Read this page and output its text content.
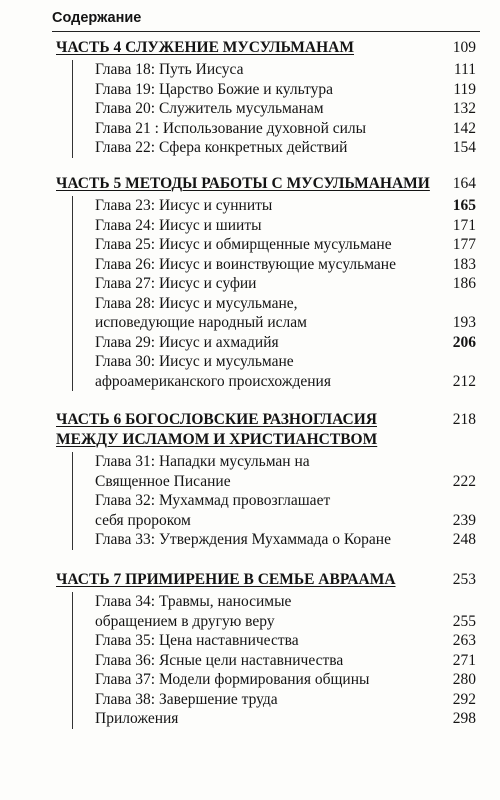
Содержание
ЧАСТЬ 4 СЛУЖЕНИЕ МУСУЛЬМАНАМ	109
Глава 18: Путь Иисуса	111
Глава 19: Царство Божие и культура	119
Глава 20: Служитель мусульманам	132
Глава 21 : Использование духовной силы	142
Глава 22: Сфера конкретных действий	154
ЧАСТЬ 5 МЕТОДЫ РАБОТЫ С МУСУЛЬМАНАМИ 164
Глава 23: Иисус и сунниты	165
Глава 24: Иисус и шииты	171
Глава 25: Иисус и обмирщенные мусульмане	177
Глава 26: Иисус и воинствующие мусульмане	183
Глава 27: Иисус и суфии	186
Глава 28: Иисус и мусульмане,
исповедующие народный ислам	193
Глава 29: Иисус и ахмадийя	206
Глава 30: Иисус и мусульмане
афроамериканского происхождения	212
ЧАСТЬ 6 БОГОСЛОВСКИЕ РАЗНОГЛАСИЯ	218
МЕЖДУ ИСЛАМОМ И ХРИСТИАНСТВОМ
Глава 31: Нападки мусульман на
Священное Писание	222
Глава 32: Мухаммад провозглашает
себя пророком	239
Глава 33: Утверждения Мухаммада о Коране	248
ЧАСТЬ 7 ПРИМИРЕНИЕ В СЕМЬЕ АВРААМА	253
Глава 34: Травмы, наносимые
обращением в другую веру	255
Глава 35: Цена наставничества	263
Глава 36: Ясные цели наставничества	271
Глава 37: Модели формирования общины	280
Глава 38: Завершение труда	292
Приложения	298
